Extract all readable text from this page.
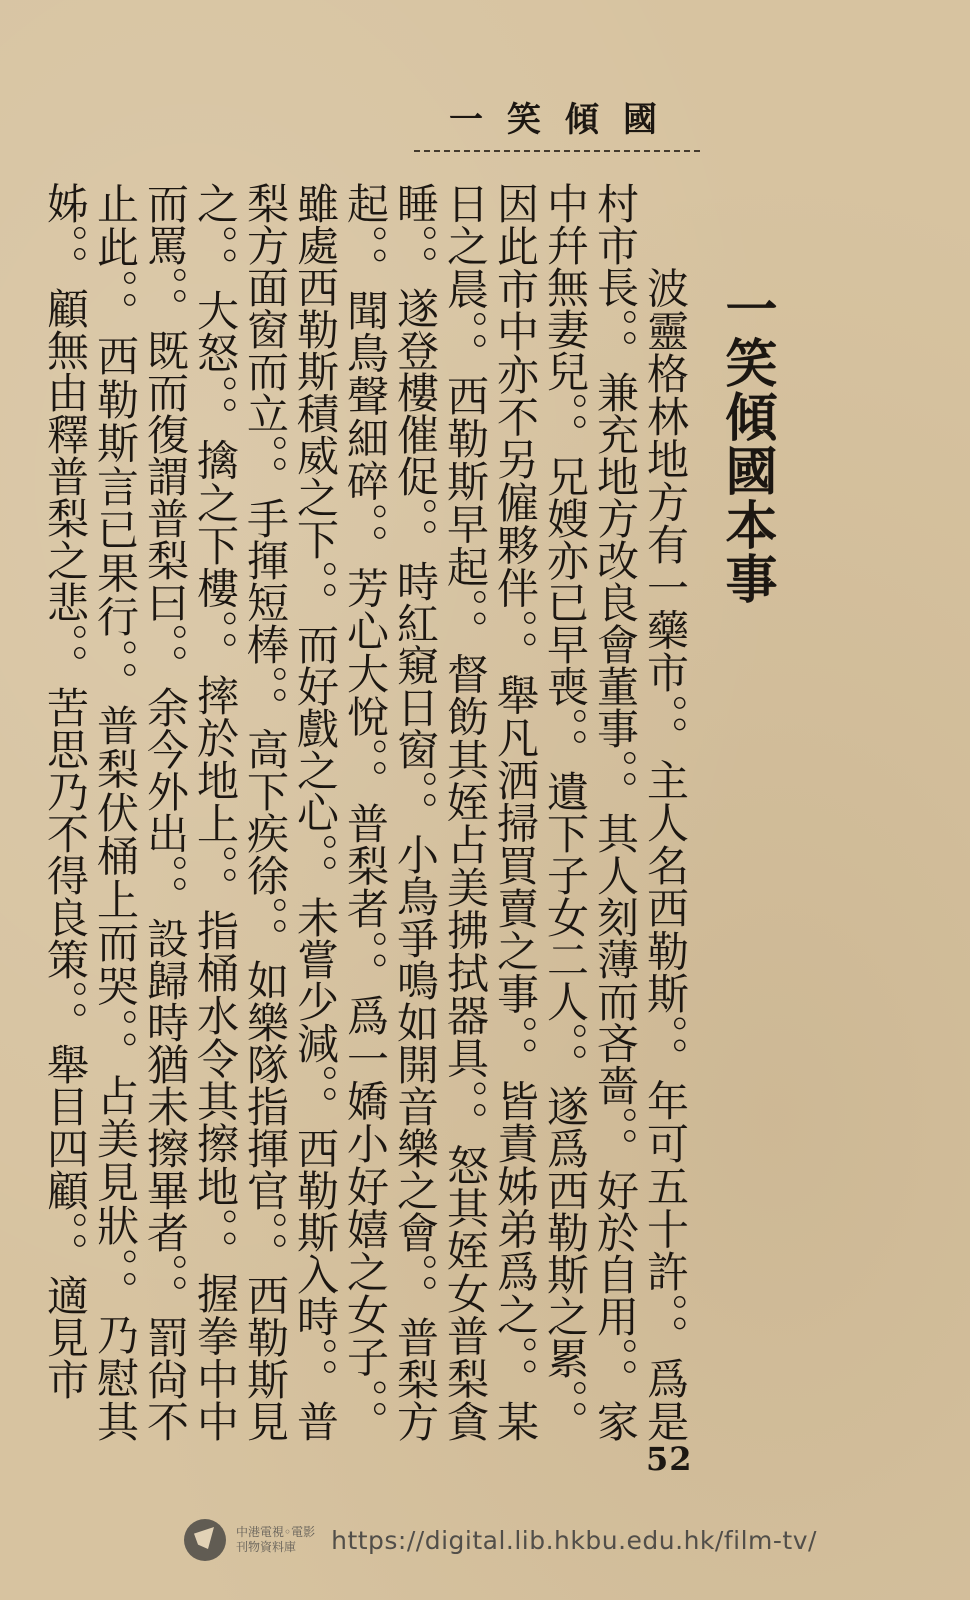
一笑傾國
一笑傾國本事

波靈格林地方有一藥市。。主人名西勒斯。。年可五十許。。爲是村市長。。兼充地方改良會董事。。其人刻薄而吝嗇。。好於自用。。家中幷無妻兒。。兄嫂亦已早喪。。遺下子女二人。。遂爲西勒斯之累。。因此市中亦不另僱夥伴。。舉凡洒掃買賣之事。。皆責姊弟爲之。。某日之晨。。西勒斯早起。。督飭其姪占美拂拭器具。。怒其姪女普梨貪睡。。遂登樓催促。。時紅窺日窗。。小鳥爭鳴如開音樂之會。。普梨方起。。聞鳥聲細碎。。芳心大悅。。普梨者。。爲一嬌小好嬉之女子。。雖處西勒斯積威之下。。而好戲之心。。未嘗少減。。西勒斯入時。。普梨方面窗而立。。手揮短棒。。高下疾徐。。如樂隊指揮官。。西勒斯見之。。大怒。。擒之下樓。。摔於地上。。指桶水令其擦地。。握拳中中而罵。。既而復謂普梨曰。。余今外出。。設歸時猶未擦畢者。。罰尙不止此。。西勒斯言已果行。。普梨伏桶上而哭。。占美見狀。。乃慰其姊。。顧無由釋普梨之悲。。苦思乃不得良策。。舉目四顧。。適見市

52
中港電視◦電影
刊物資料庫	https://digital.lib.hkbu.edu.hk/film-tv/
